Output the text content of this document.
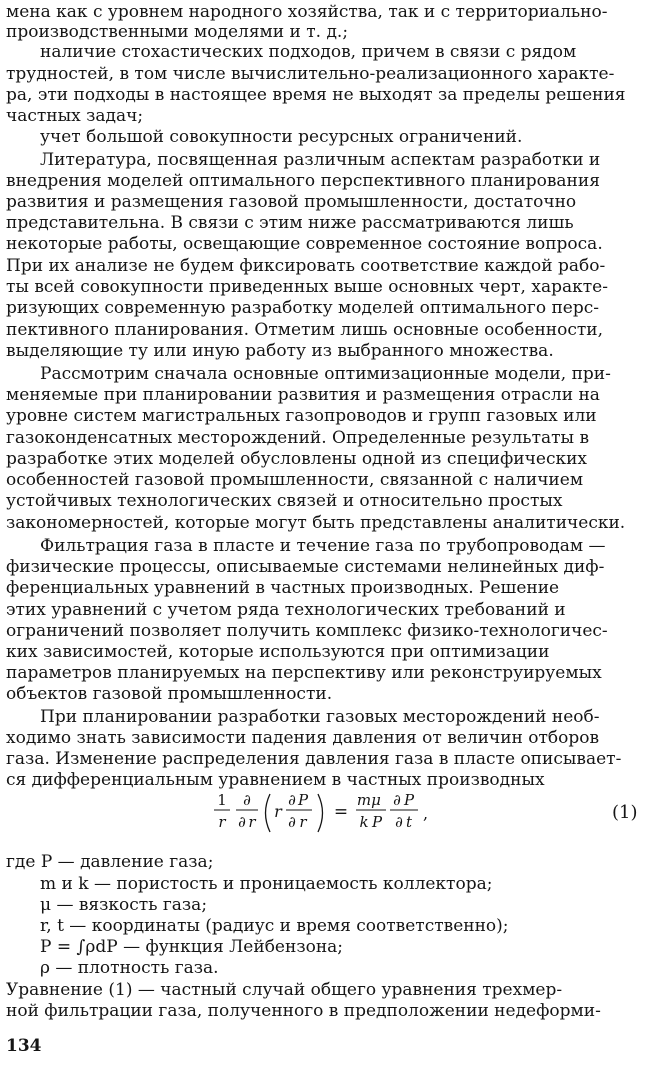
мена как с уровнем народного хозяйства, так и с территориально-
производственными моделями и т. д.;
наличие стохастических подходов, причем в связи с рядом
трудностей, в том числе вычислительно-реализационного характе-
ра, эти подходы в настоящее время не выходят за пределы решения
частных задач;
учет большой совокупности ресурсных ограничений.
Литература, посвященная различным аспектам разработки и
внедрения моделей оптимального перспективного планирования
развития и размещения газовой промышленности, достаточно
представительна. В связи с этим ниже рассматриваются лишь
некоторые работы, освещающие современное состояние вопроса.
При их анализе не будем фиксировать соответствие каждой рабо-
ты всей совокупности приведенных выше основных черт, характе-
ризующих современную разработку моделей оптимального перс-
пективного планирования. Отметим лишь основные особенности,
выделяющие ту или иную работу из выбранного множества.
Рассмотрим сначала основные оптимизационные модели, при-
меняемые при планировании развития и размещения отрасли на
уровне систем магистральных газопроводов и групп газовых или
газоконденсатных месторождений. Определенные результаты в
разработке этих моделей обусловлены одной из специфических
особенностей газовой промышленности, связанной с наличием
устойчивых технологических связей и относительно простых
закономерностей, которые могут быть представлены аналитически.
Фильтрация газа в пласте и течение газа по трубопроводам —
физические процессы, описываемые системами нелинейных диф-
ференциальных уравнений в частных производных. Решение
этих уравнений с учетом ряда технологических требований и
ограничений позволяет получить комплекс физико-технологичес-
ких зависимостей, которые используются при оптимизации
параметров планируемых на перспективу или реконструируемых
объектов газовой промышленности.
При планировании разработки газовых месторождений необ-
ходимо знать зависимости падения давления от величин отборов
газа. Изменение распределения давления газа в пласте описывает-
ся дифференциальным уравнением в частных производных
1
r
∂
∂ r
r
∂ P
∂ r =
m μ
k P
∂ P
∂ t ,	(1)
где P — давление газа;
m и k — пористость и проницаемость коллектора;
μ — вязкость газа;
r, t — координаты (радиус и время соответственно);
P = ∫ρdP — функция Лейбензона;
ρ — плотность газа.
Уравнение (1) — частный случай общего уравнения трехмер-
ной фильтрации газа, полученного в предположении недеформи-
134
